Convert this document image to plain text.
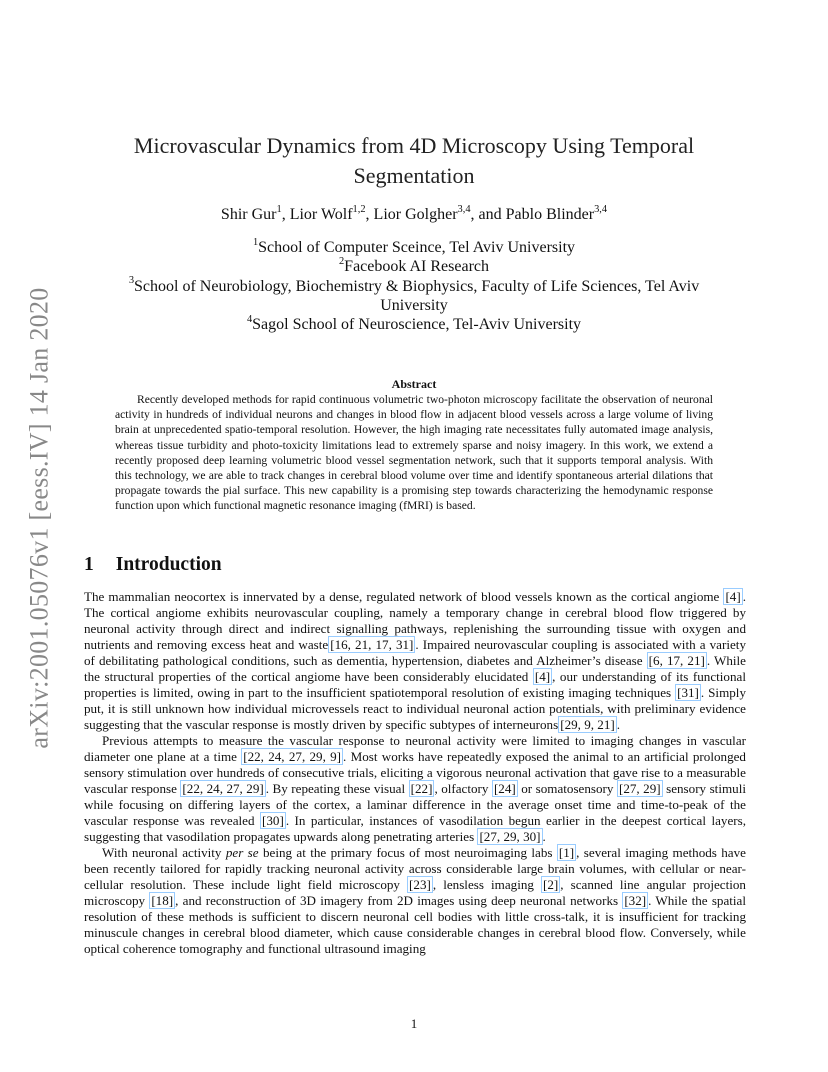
arXiv:2001.05076v1 [eess.IV] 14 Jan 2020
Microvascular Dynamics from 4D Microscopy Using Temporal Segmentation
Shir Gur$^1$, Lior Wolf$^{1,2}$, Lior Golgher$^{3,4}$, and Pablo Blinder$^{3,4}$
$^1$School of Computer Sceince, Tel Aviv University
$^2$Facebook AI Research
$^3$School of Neurobiology, Biochemistry & Biophysics, Faculty of Life Sciences, Tel Aviv University
$^4$Sagol School of Neuroscience, Tel-Aviv University
Abstract
Recently developed methods for rapid continuous volumetric two-photon microscopy facilitate the observation of neuronal activity in hundreds of individual neurons and changes in blood flow in adjacent blood vessels across a large volume of living brain at unprecedented spatio-temporal resolution. However, the high imaging rate necessitates fully automated image analysis, whereas tissue turbidity and photo-toxicity limitations lead to extremely sparse and noisy imagery. In this work, we extend a recently proposed deep learning volumetric blood vessel segmentation network, such that it supports temporal analysis. With this technology, we are able to track changes in cerebral blood volume over time and identify spontaneous arterial dilations that propagate towards the pial surface. This new capability is a promising step towards characterizing the hemodynamic response function upon which functional magnetic resonance imaging (fMRI) is based.
1 Introduction

The mammalian neocortex is innervated by a dense, regulated network of blood vessels known as the cortical angiome [4] . The cortical angiome exhibits neurovascular coupling, namely a temporary change in cerebral blood flow triggered by neuronal activity through direct and indirect signalling pathways, replenishing the surrounding tissue with oxygen and nutrients and removing excess heat and waste [16, 21, 17, 31] . Impaired neurovascular coupling is associated with a variety of debilitating pathological conditions, such as dementia, hypertension, diabetes and Alzheimer’s disease [6, 17, 21] . While the structural properties of the cortical angiome have been considerably elucidated [4] , our understanding of its functional properties is limited, owing in part to the insufficient spatiotemporal resolution of existing imaging techniques [31] . Simply put, it is still unknown how individual microvessels react to individual neuronal action potentials, with preliminary evidence suggesting that the vascular response is mostly driven by specific subtypes of interneurons [29, 9, 21] .

Previous attempts to measure the vascular response to neuronal activity were limited to imaging changes in vascular diameter one plane at a time [22, 24, 27, 29, 9] . Most works have repeatedly exposed the animal to an artificial prolonged sensory stimulation over hundreds of consecutive trials, eliciting a vigorous neuronal activation that gave rise to a measurable vascular response [22, 24, 27, 29] . By repeating these visual [22] , olfactory [24] or somatosensory [27, 29] sensory stimuli while focusing on differing layers of the cortex, a laminar difference in the average onset time and time-to-peak of the vascular response was revealed [30] . In particular, instances of vasodilation begun earlier in the deepest cortical layers, suggesting that vasodilation propagates upwards along penetrating arteries [27, 29, 30] .

With neuronal activity per se being at the primary focus of most neuroimaging labs [1] , several imaging methods have been recently tailored for rapidly tracking neuronal activity across considerable large brain volumes, with cellular or near-cellular resolution. These include light field microscopy [23] , lensless imaging [2] , scanned line angular projection microscopy [18] , and reconstruction of 3D imagery from 2D images using deep neuronal networks [32] . While the spatial resolution of these methods is sufficient to discern neuronal cell bodies with little cross-talk, it is insufficient for tracking minuscule changes in cerebral blood diameter, which cause considerable changes in cerebral blood flow. Conversely, while optical coherence tomography and functional ultrasound imaging

1
